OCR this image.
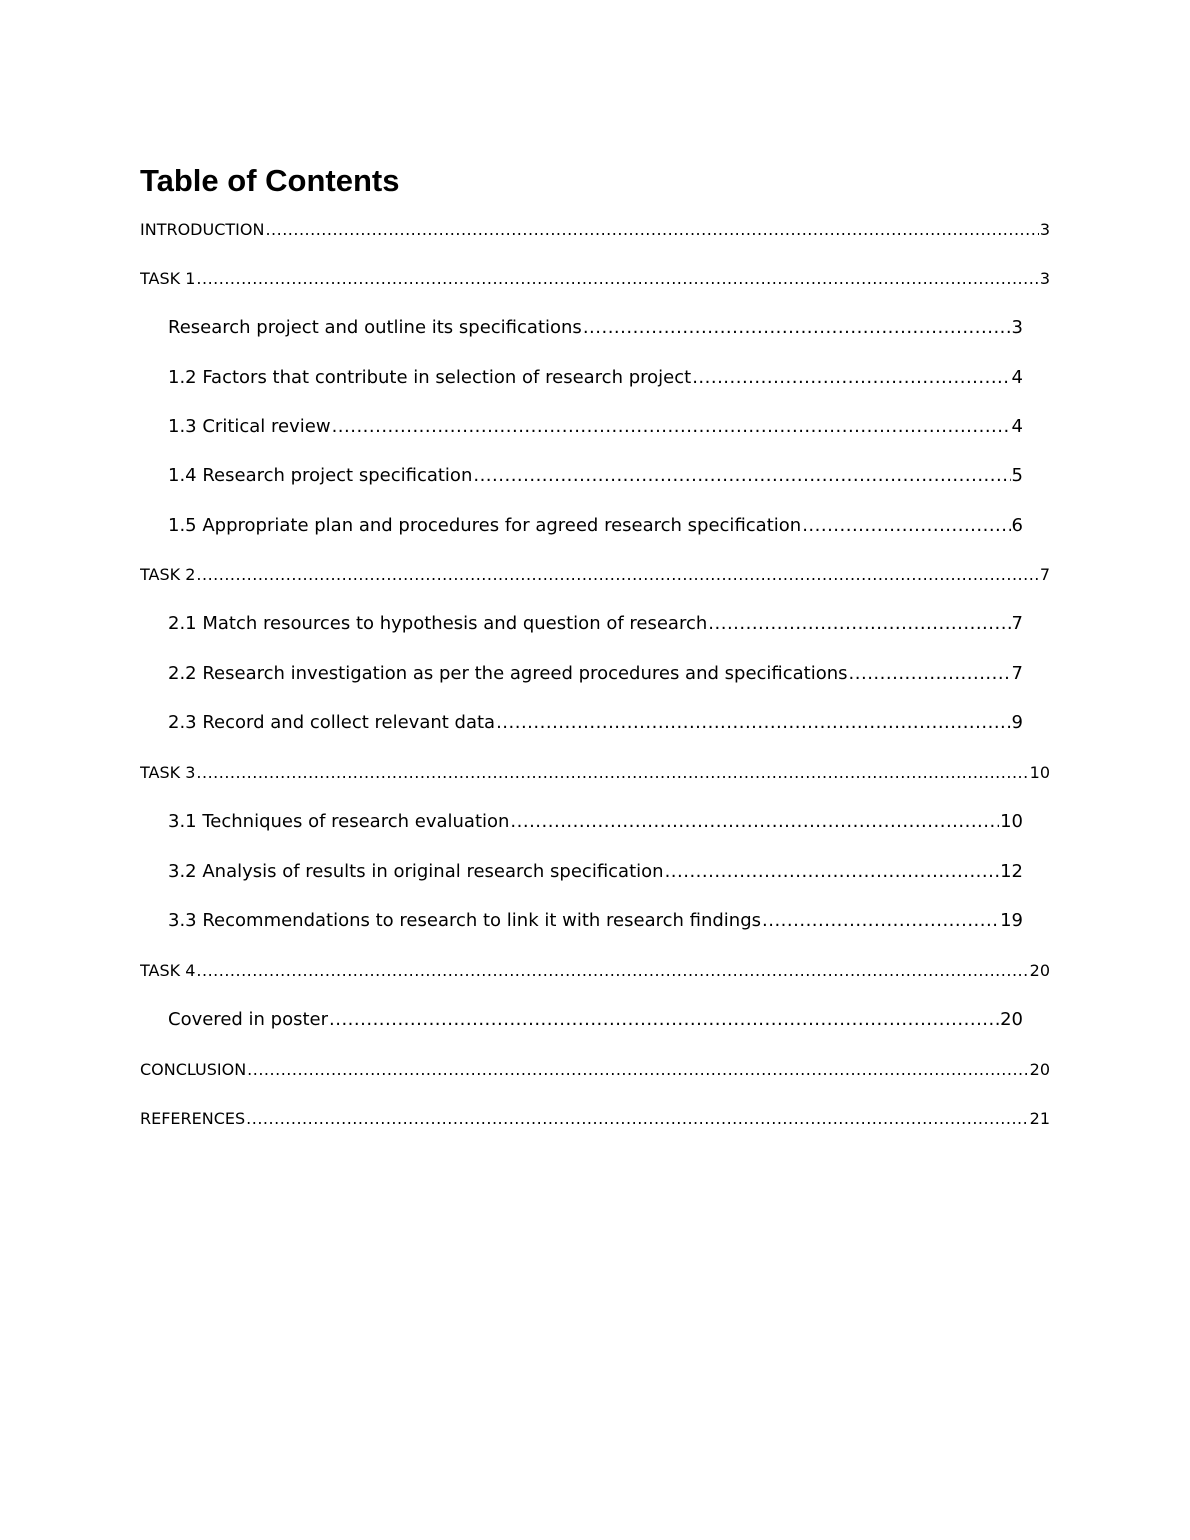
Table of Contents
INTRODUCTION .....	3
TASK 1 .....	3
Research project and outline its specifications .....	3
1.2 Factors that contribute in selection of research project .....	4
1.3 Critical review .....	4
1.4 Research project specification .....	5
1.5 Appropriate plan and procedures for agreed research specification .....	6
TASK 2 .....	7
2.1 Match resources to hypothesis and question of research .....	7
2.2 Research investigation as per the agreed procedures and specifications .....	7
2.3 Record and collect relevant data .....	9
TASK 3 .....	10
3.1 Techniques of research evaluation .....	10
3.2 Analysis of results in original research specification .....	12
3.3 Recommendations to research to link it with research findings .....	19
TASK 4 .....	20
Covered in poster .....	20
CONCLUSION .....	20
REFERENCES .....	21
